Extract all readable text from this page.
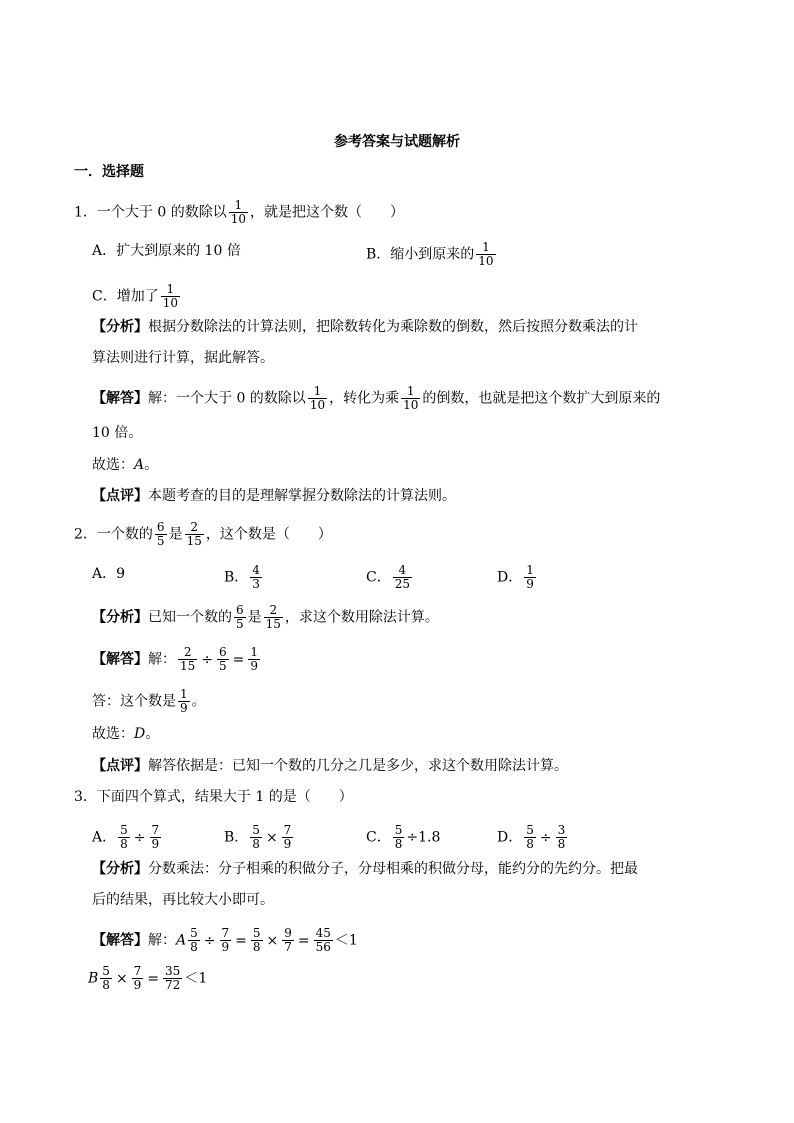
参考答案与试题解析
一．选择题
1．一个大于 0 的数除以 $\frac{1}{10}$ ，就是把这个数（　　）
A．扩大到原来的 10 倍	B．缩小到原来的 $\frac{1}{10}$
C．增加了 $\frac{1}{10}$
【分析】根据分数除法的计算法则，把除数转化为乘除数的倒数，然后按照分数乘法的计
算法则进行计算，据此解答。
【解答】解：一个大于 0 的数除以 $\frac{1}{10}$ ，转化为乘 $\frac{1}{10}$ 的倒数，也就是把这个数扩大到原来的
10 倍。
故选：A。
【点评】本题考查的目的是理解掌握分数除法的计算法则。
2．一个数的 $\frac{6}{5}$ 是 $\frac{2}{15}$ ，这个数是（　　）
A．9	B． $\frac{4}{3}$	C． $\frac{4}{25}$	D． $\frac{1}{9}$
【分析】已知一个数的 $\frac{6}{5}$ 是 $\frac{2}{15}$ ，求这个数用除法计算。
【解答】解： $\frac{2}{15} \div \frac{6}{5} = \frac{1}{9}$
答：这个数是 $\frac{1}{9}$ 。
故选：D。
【点评】解答依据是：已知一个数的几分之几是多少，求这个数用除法计算。
3．下面四个算式，结果大于 1 的是（　　）
A． $\frac{5}{8} \div \frac{7}{9}$	B． $\frac{5}{8} \times \frac{7}{9}$	C． $\frac{5}{8} \div 1.8$	D． $\frac{5}{8} \div \frac{3}{8}$
【分析】分数乘法：分子相乘的积做分子，分母相乘的积做分母，能约分的先约分。把最
后的结果，再比较大小即可。
【解答】解：A $\frac{5}{8} \div \frac{7}{9} = \frac{5}{8} \times \frac{9}{7} = \frac{45}{56} <1$
B $\frac{5}{8} \times \frac{7}{9} = \frac{35}{72} <1$
